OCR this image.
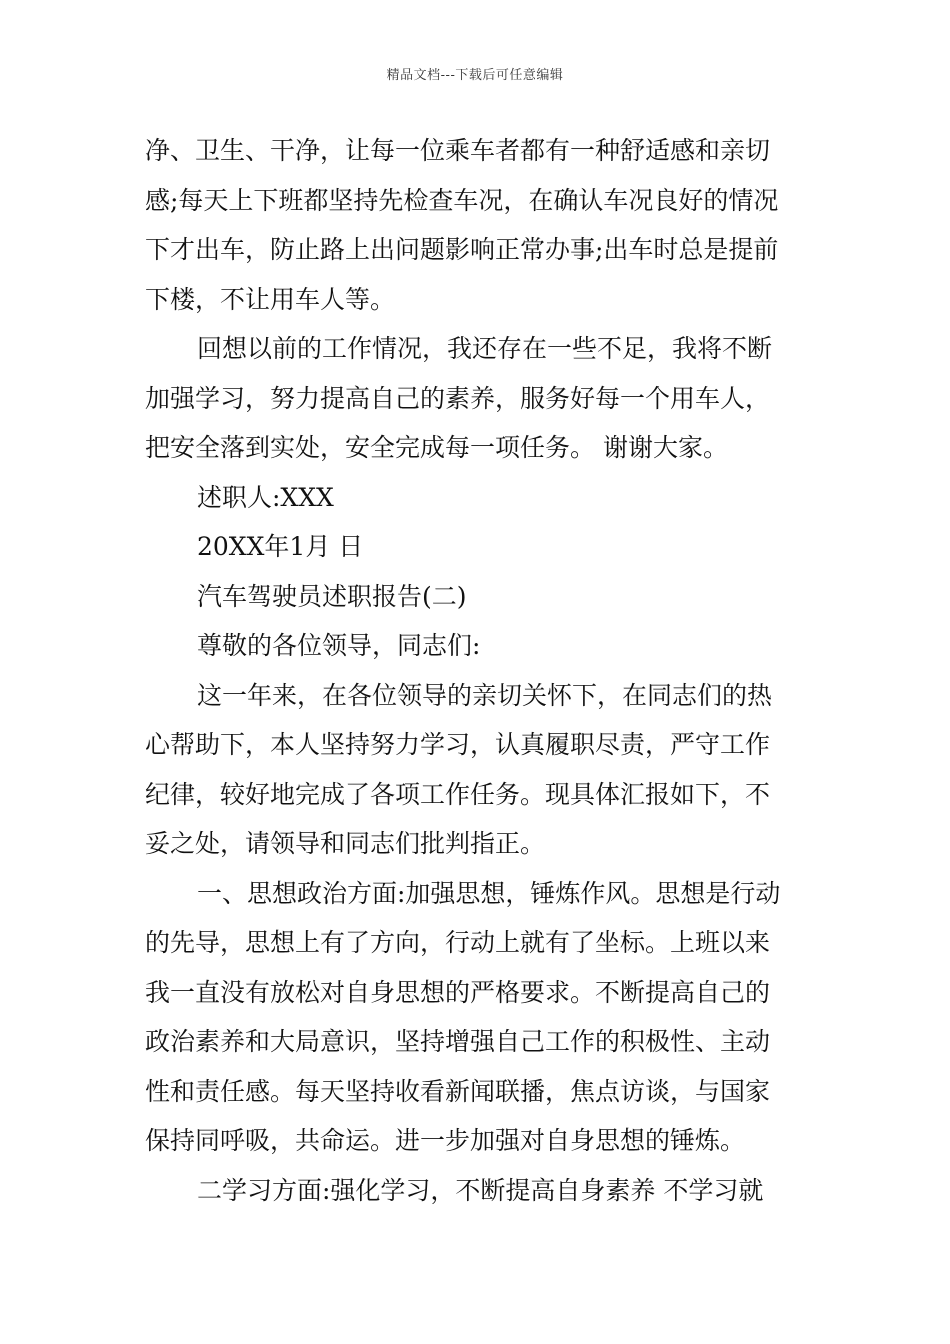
精品文档---下载后可任意编辑
净、卫生、干净，让每一位乘车者都有一种舒适感和亲切
感;每天上下班都坚持先检查车况，在确认车况良好的情况
下才出车，防止路上出问题影响正常办事;出车时总是提前
下楼，不让用车人等。
回想以前的工作情况，我还存在一些不足，我将不断
加强学习，努力提高自己的素养，服务好每一个用车人，
把安全落到实处，安全完成每一项任务。 谢谢大家。
述职人:XXX
20XX年1月 日
汽车驾驶员述职报告(二)
尊敬的各位领导，同志们:
这一年来，在各位领导的亲切关怀下，在同志们的热
心帮助下，本人坚持努力学习，认真履职尽责，严守工作
纪律，较好地完成了各项工作任务。现具体汇报如下，不
妥之处，请领导和同志们批判指正。
一、思想政治方面:加强思想，锤炼作风。思想是行动
的先导，思想上有了方向，行动上就有了坐标。上班以来
我一直没有放松对自身思想的严格要求。不断提高自己的
政治素养和大局意识，坚持增强自己工作的积极性、主动
性和责任感。每天坚持收看新闻联播，焦点访谈，与国家
保持同呼吸，共命运。进一步加强对自身思想的锤炼。
二学习方面:强化学习，不断提高自身素养 不学习就
